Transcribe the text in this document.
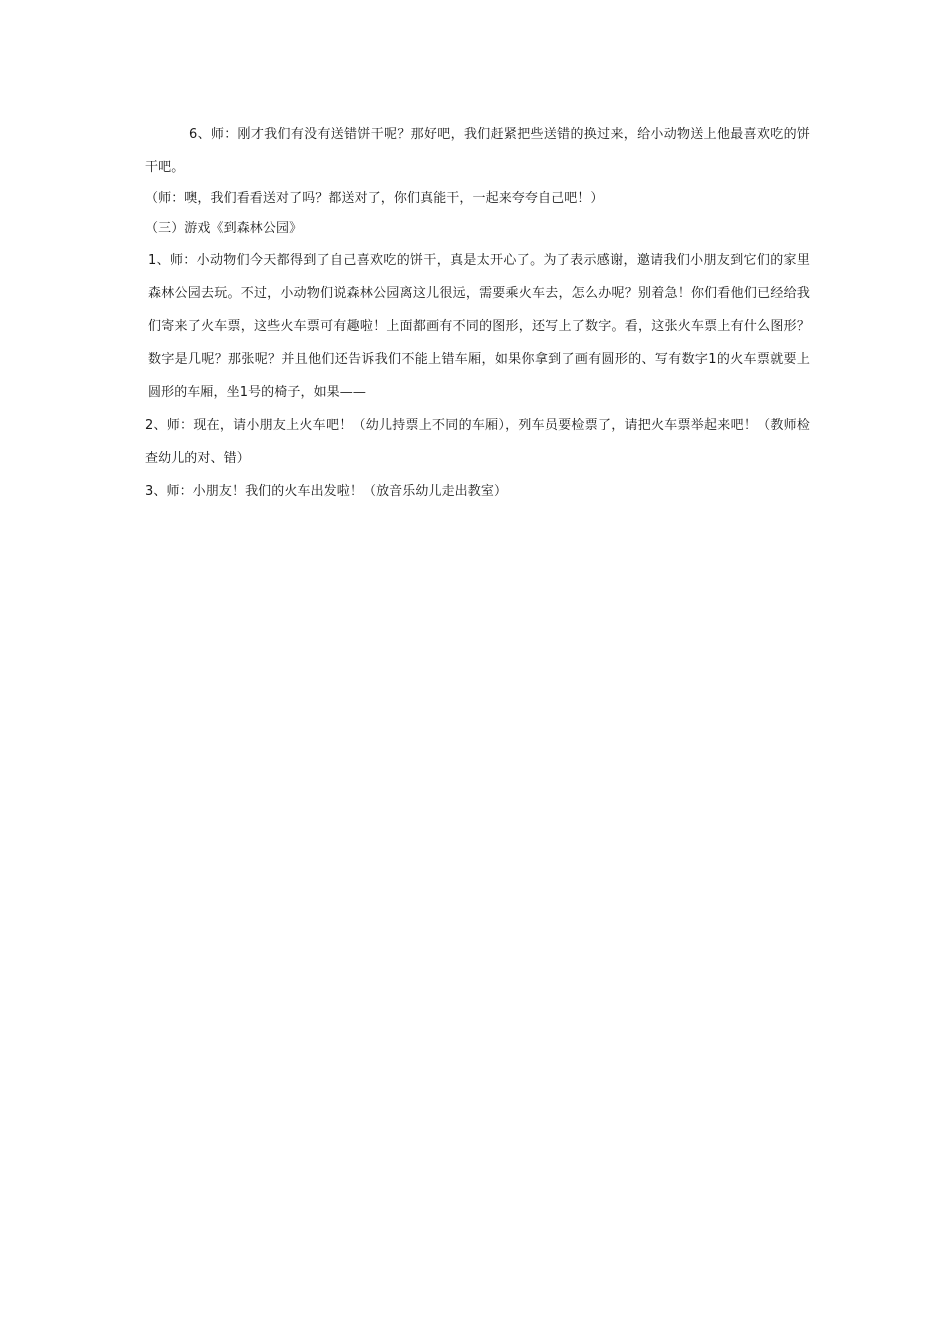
6、师：刚才我们有没有送错饼干呢？那好吧，我们赶紧把些送错的换过来，给小动物送上他最喜欢吃的饼干吧。

（师：噢，我们看看送对了吗？都送对了，你们真能干，一起来夸夸自己吧！）

（三）游戏《到森林公园》

1、师：小动物们今天都得到了自己喜欢吃的饼干，真是太开心了。为了表示感谢，邀请我们小朋友到它们的家里森林公园去玩。不过，小动物们说森林公园离这儿很远，需要乘火车去，怎么办呢？别着急！你们看他们已经给我们寄来了火车票，这些火车票可有趣啦！上面都画有不同的图形，还写上了数字。看，这张火车票上有什么图形？数字是几呢？那张呢？并且他们还告诉我们不能上错车厢，如果你拿到了画有圆形的、写有数字1的火车票就要上圆形的车厢，坐1号的椅子，如果——

2、师：现在，请小朋友上火车吧！（幼儿持票上不同的车厢），列车员要检票了，请把火车票举起来吧！（教师检查幼儿的对、错）

3、师：小朋友！我们的火车出发啦！（放音乐幼儿走出教室）
